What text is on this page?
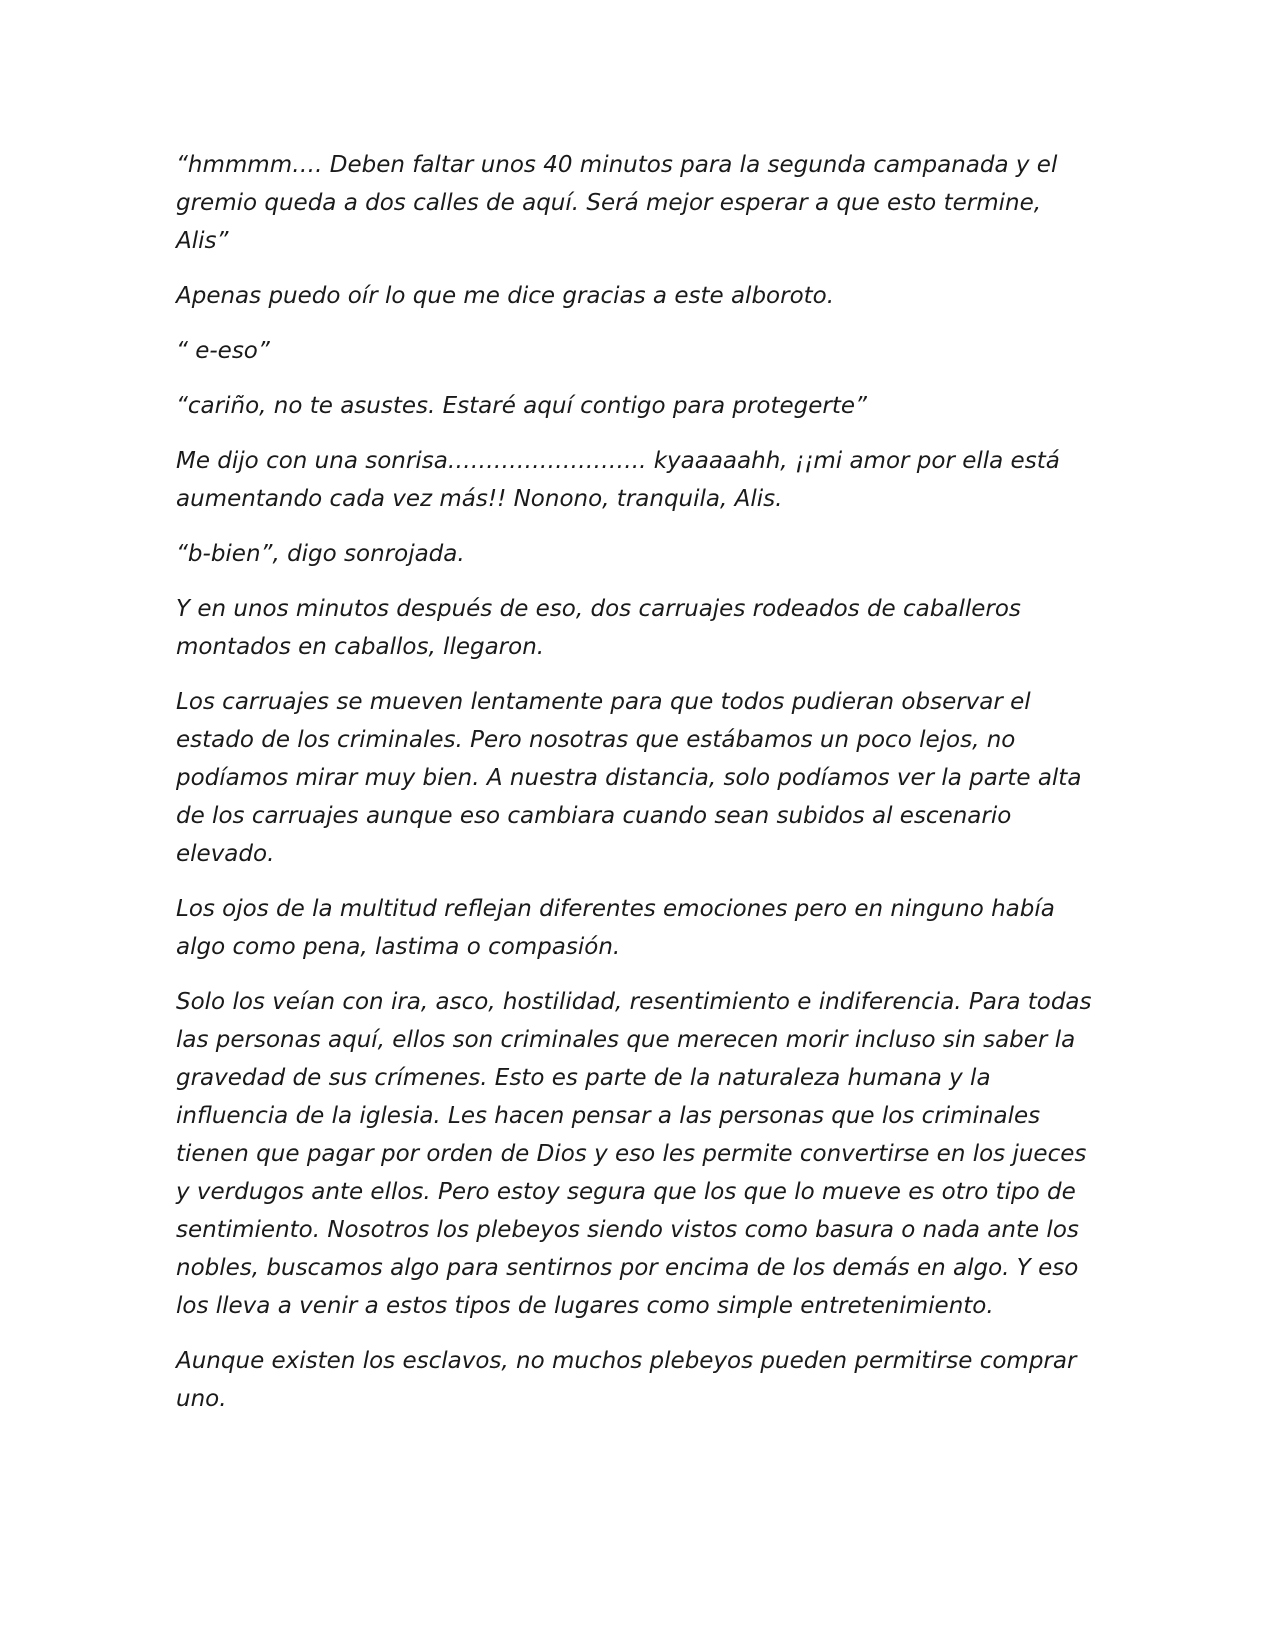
“hmmmm…. Deben faltar unos 40 minutos para la segunda campanada y el gremio queda a dos calles de aquí. Será mejor esperar a que esto termine, Alis”

Apenas puedo oír lo que me dice gracias a este alboroto.

“ e-eso”

“cariño, no te asustes. Estaré aquí contigo para protegerte”

Me dijo con una sonrisa…………………….. kyaaaaahh, ¡¡mi amor por ella está aumentando cada vez más!! Nonono, tranquila, Alis.

“b-bien”, digo sonrojada.

Y en unos minutos después de eso, dos carruajes rodeados de caballeros montados en caballos, llegaron.

Los carruajes se mueven lentamente para que todos pudieran observar el estado de los criminales. Pero nosotras que estábamos un poco lejos, no podíamos mirar muy bien. A nuestra distancia, solo podíamos ver la parte alta de los carruajes aunque eso cambiara cuando sean subidos al escenario elevado.

Los ojos de la multitud reflejan diferentes emociones pero en ninguno había algo como pena, lastima o compasión.

Solo los veían con ira, asco, hostilidad, resentimiento e indiferencia. Para todas las personas aquí, ellos son criminales que merecen morir incluso sin saber la gravedad de sus crímenes. Esto es parte de la naturaleza humana y la influencia de la iglesia. Les hacen pensar a las personas que los criminales tienen que pagar por orden de Dios y eso les permite convertirse en los jueces y verdugos ante ellos. Pero estoy segura que los que lo mueve es otro tipo de sentimiento. Nosotros los plebeyos siendo vistos como basura o nada ante los nobles, buscamos algo para sentirnos por encima de los demás en algo. Y eso los lleva a venir a estos tipos de lugares como simple entretenimiento.

Aunque existen los esclavos, no muchos plebeyos pueden permitirse comprar uno.
